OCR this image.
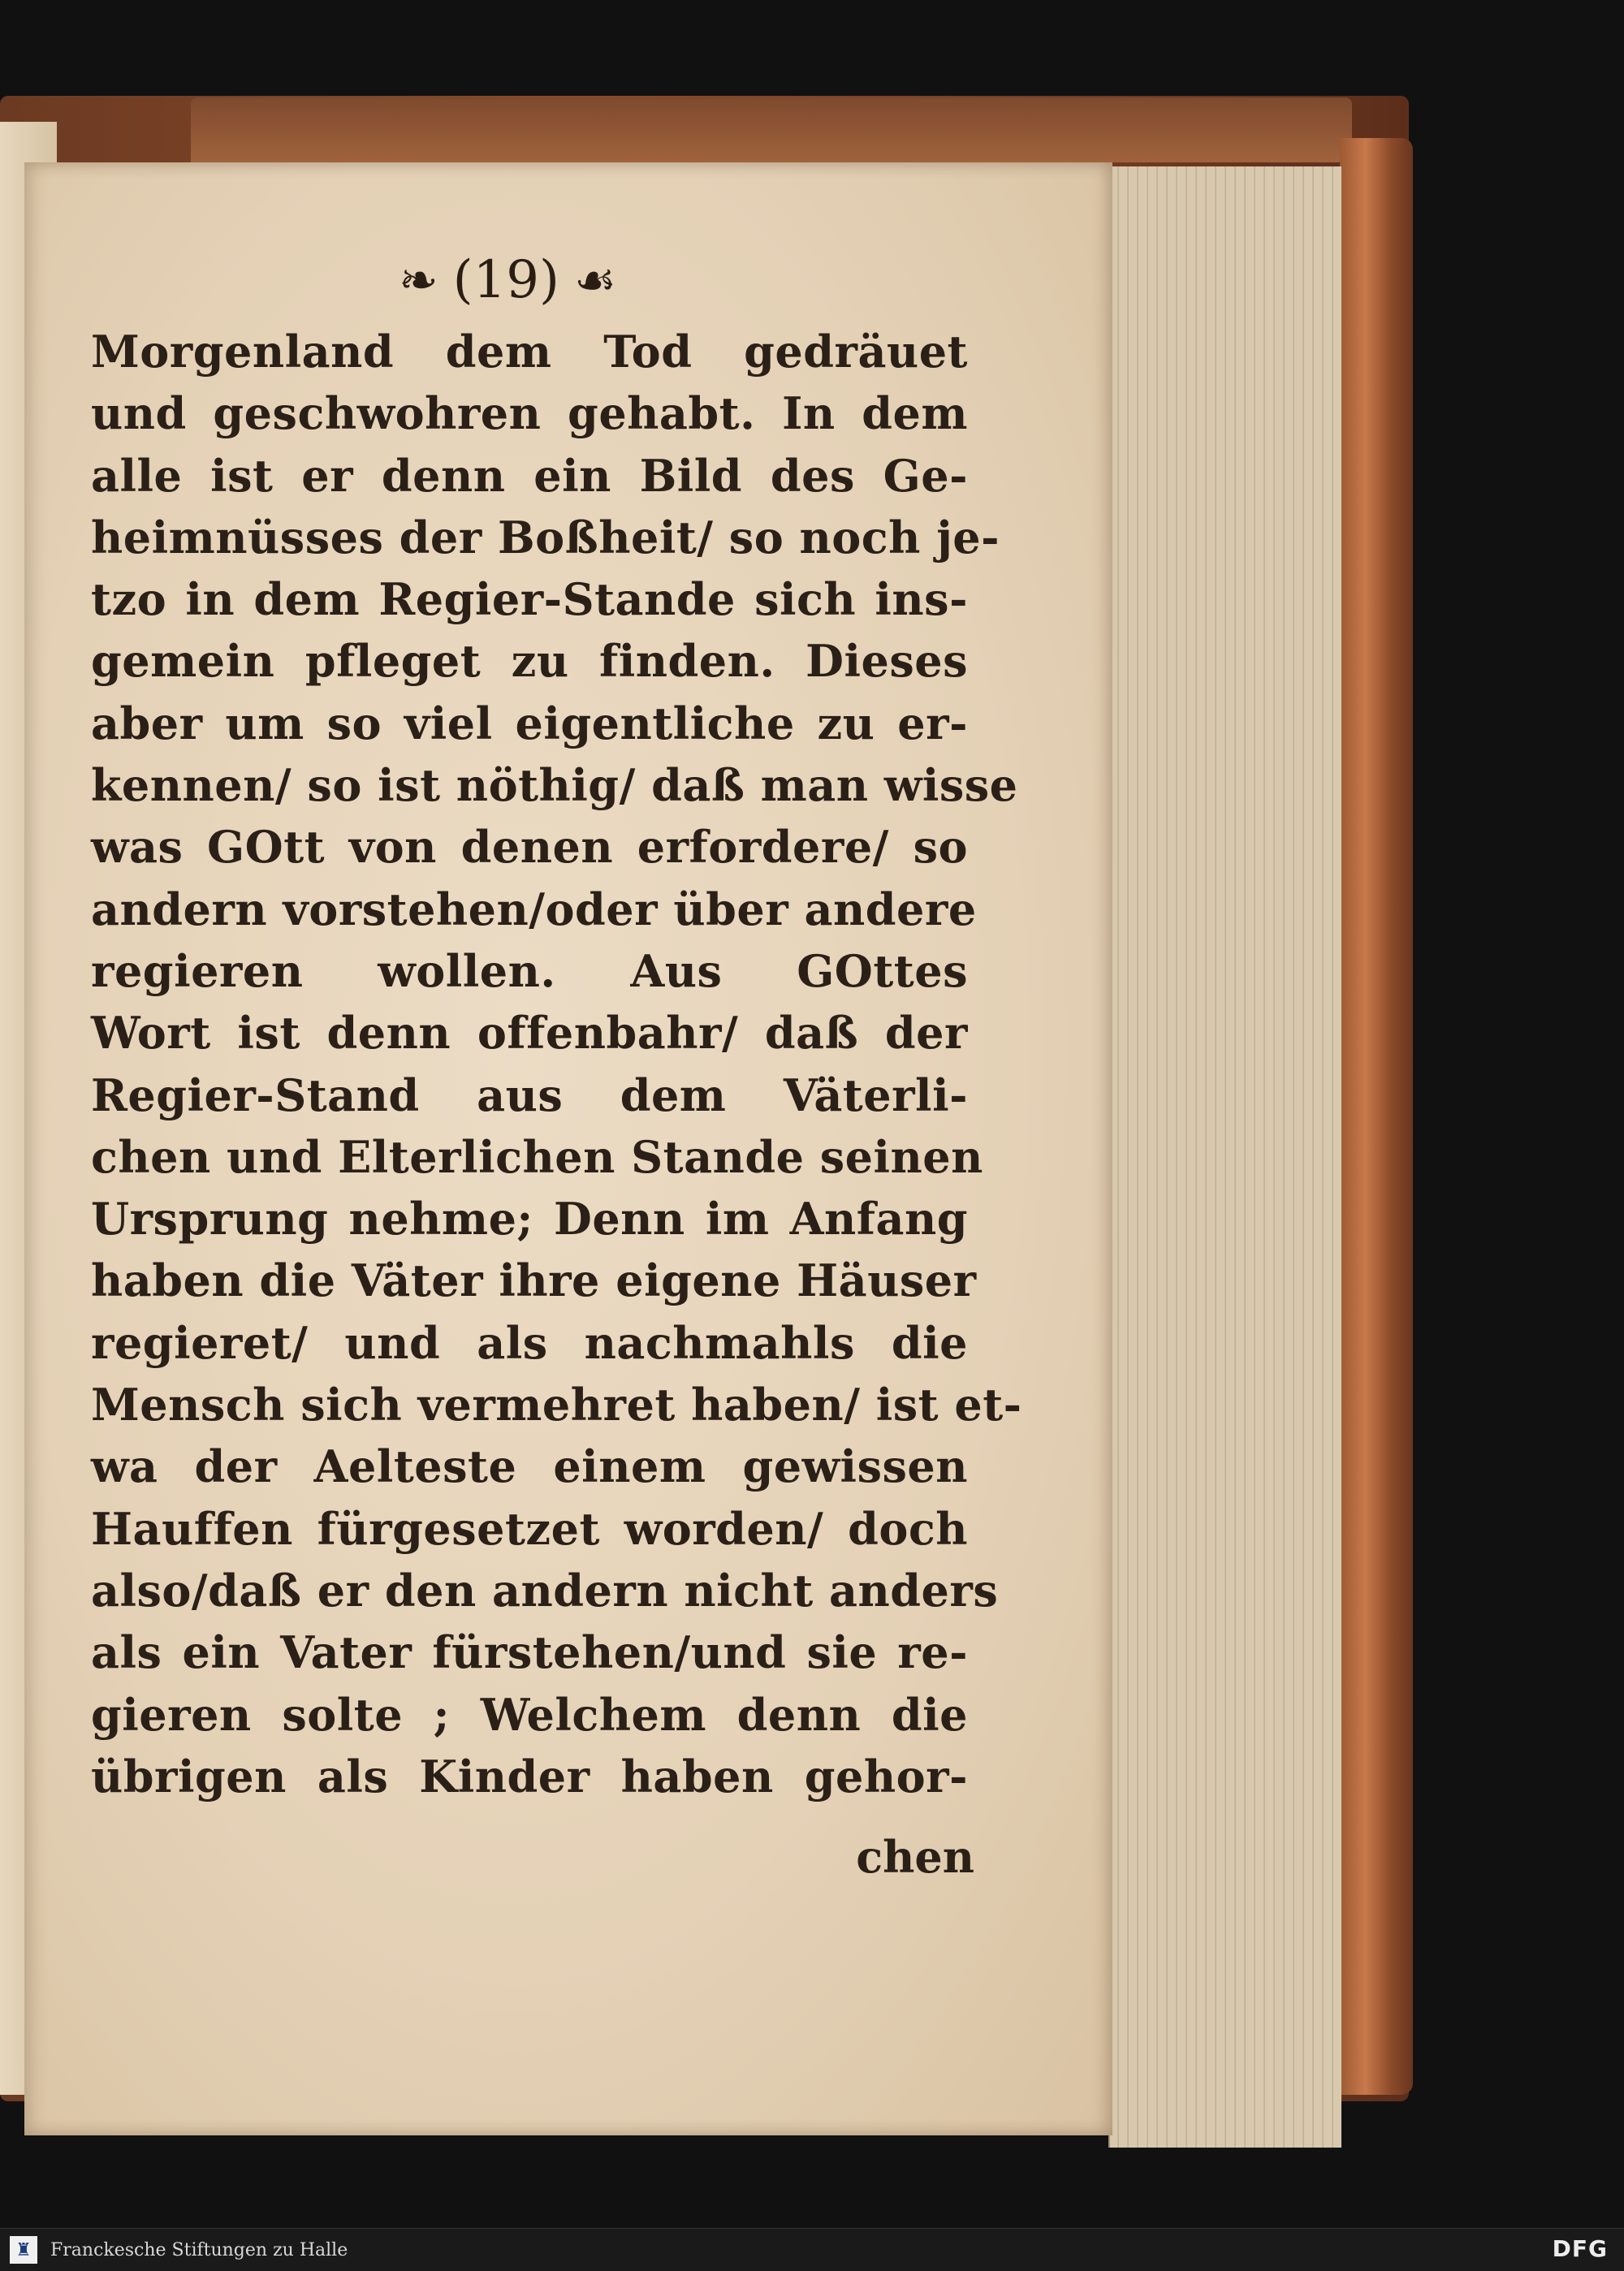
❧ (19) ☙
Morgenland dem Tod gedräuet
und geschwohren gehabt. In dem
alle ist er denn ein Bild des Ge-
heimnüsses der Boßheit/ so noch je-
tzo in dem Regier-Stande sich ins-
gemein pfleget zu finden. Dieses
aber um so viel eigentliche zu er-
kennen/ so ist nöthig/ daß man wisse
was GOtt von denen erfordere/ so
andern vorstehen/oder über andere
regieren wollen. Aus GOttes
Wort ist denn offenbahr/ daß der
Regier-Stand aus dem Väterli-
chen und Elterlichen Stande seinen
Ursprung nehme; Denn im Anfang
haben die Väter ihre eigene Häuser
regieret/ und als nachmahls die
Mensch sich vermehret haben/ ist et-
wa der Aelteste einem gewissen
Hauffen fürgesetzet worden/ doch
also/daß er den andern nicht anders
als ein Vater fürstehen/und sie re-
gieren solte ; Welchem denn die
übrigen als Kinder haben gehor-
chen
♜	Franckesche Stiftungen zu Halle	DFG
